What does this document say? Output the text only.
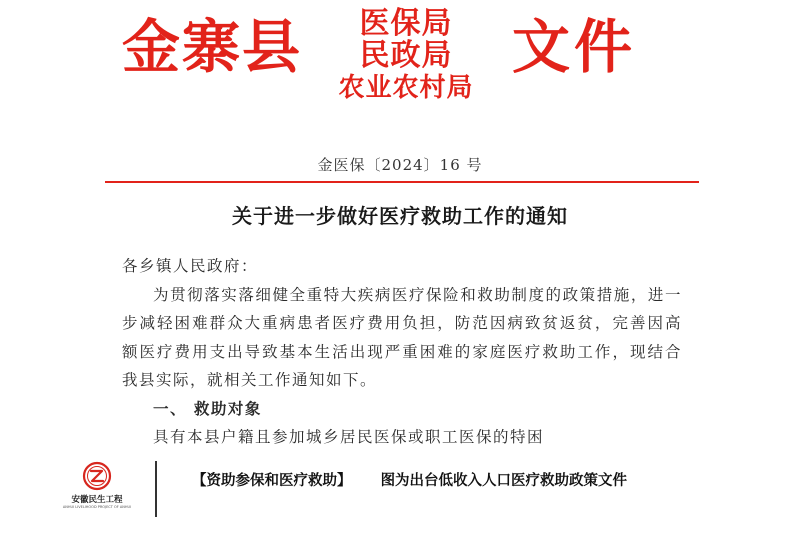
金寨县	医保局
民政局
农业农村局
文件
金医保〔2024〕16 号
关于进一步做好医疗救助工作的通知
各乡镇人民政府：
为贯彻落实落细健全重特大疾病医疗保险和救助制度的政策措施，进一步减轻困难群众大重病患者医疗费用负担，防范因病致贫返贫，完善因高额医疗费用支出导致基本生活出现严重困难的家庭医疗救助工作，现结合我县实际，就相关工作通知如下。
一、 救助对象
具有本县户籍且参加城乡居民医保或职工医保的特困
安徽民生工程
ANHUI LIVELIHOOD PROJECT OF ANHUI
【资助参保和医疗救助】 图为出台低收入人口医疗救助政策文件
